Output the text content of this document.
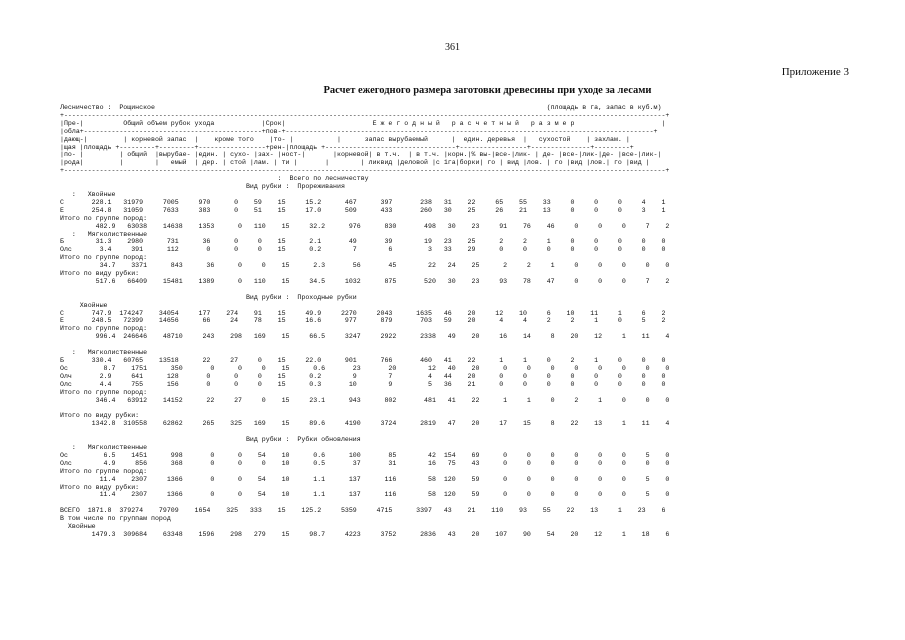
361
Приложение 3
Расчет ежегодного размера заготовки древесины при уходе за лесами
Лесничество :  Рощинское                                                                                                   (площадь в га, запас в куб.м)
+--------------------------------------------------------------------------------------------------------------------------------------------------------+
|Пре-|          Общий объем рубок ухода            |Срок|                      Е ж е г о д н ы й   р а с ч е т н ы й   р а з м е р                      |
|обла+---------------------------------------------+пов-+---------------------------------------------------------------------------------------------+
|дающ-|         | корневой запас  |    кроме того    |то- |           |      запас вырубаемый      |  един. деревья  |   сухостой    | захлам. |
|щая |площадь +---------+---------+-----------------+рен-|площадь +---------------------------------+-----------------+---------------+---------+
|по- |         | общий  |вырубае- |един. | сухо- |зах- |ност-|       |корневой| в т.ч.  | в т.ч. |корн.|% вы-|все-|лик- | де- |все-|лик-|де- |все-|лик-|
|рода|         |        |   емый  | дер. | стой |лам. | ти |       |        | ликвид |деловой |с 1га|борки| го | вид |лов. | го |вид |лов.| го |вид |
+--------------------------------------------------------------------------------------------------------------------------------------------------------+
:  Всего по лесничеству
Вид рубки :  Прореживания
:   Хвойные
С       228.1   31979     7005     970      0    59    15     15.2      467      397       238   31    22     65    55    33     0     0     0     4    1
Е       254.8   31059     7633     383      0    51    15     17.0      509      433       260   30    25     26    21    13     0     0     0     3    1
Итого по группе пород:
482.9   63038    14638    1353      0   110    15     32.2      976      830       498   30    23     91    76    46     0     0     0     7    2
:   Мягколиственные
Б        31.3    2980      731      36      0     0    15      2.1       49       39        19   23    25      2     2     1     0     0     0     0    0
Олс       3.4     391      112       0      0     0    15      0.2        7        6         3   33    29      0     0     0     0     0     0     0    0
Итого по группе пород:
34.7    3371      843      36      0     0    15      2.3       56       45        22   24    25      2     2     1     0     0     0     0    0
Итого по виду рубки:
517.6   66409    15481    1389      0   110    15     34.5     1032      875       520   30    23     93    78    47     0     0     0     7    2

Вид рубки :  Проходные рубки
Хвойные
С       747.9  174247    34054     177    274    91    15     49.9     2270     2043      1635   46    20     12    10     6    10    11     1     6    2
Е       248.5   72399    14656      66     24    78    15     16.6      977      879       703   59    20      4     4     2     2     1     0     5    2
Итого по группе пород:
996.4  246646    48710     243    298   169    15     66.5     3247     2922      2338   49    20     16    14     8    20    12     1    11    4

:   Мягколиственные
Б       330.4   60765    13518      22     27     0    15     22.0      901      766       460   41    22      1     1     0     2     1     0     0    0
Ос         8.7    1751      350       0      0     0    15      0.6       23       20        12   40    20      0     0     0     0     0     0     0    0
Олч       2.9     641      128       0      0     0    15      0.2        9        7         4   44    20      0     0     0     0     0     0     0    0
Олс       4.4     755      156       0      0     0    15      0.3       10        9         5   36    21      0     0     0     0     0     0     0    0
Итого по группе пород:
346.4   63912    14152      22     27     0    15     23.1      943      802       481   41    22      1     1     0     2     1     0     0    0

Итого по виду рубки:
1342.8  310558    62862     265    325   169    15     89.6     4190     3724      2819   47    20     17    15     8    22    13     1    11    4

Вид рубки :  Рубки обновления
:   Мягколиственные
Ос         6.5    1451      998       0      0    54    10      0.6      100       85        42  154    69      0     0     0     0     0     0     5    0
Олс        4.9     856      368       0      0     0    10      0.5       37       31        16   75    43      0     0     0     0     0     0     0    0
Итого по группе пород:
11.4    2307     1366       0      0    54    10      1.1      137      116        58  120    59      0     0     0     0     0     0     5    0
Итого по виду рубки:
11.4    2307     1366       0      0    54    10      1.1      137      116        58  120    59      0     0     0     0     0     0     5    0

ВСЕГО  1871.8  379274    79709    1654    325   333    15    125.2     5359     4715      3397   43    21    110    93    55    22    13     1    23    6
В том числе по группам пород
Хвойные
1479.3  309684    63348    1596    298   279    15     98.7     4223     3752      2836   43    20    107    90    54    20    12     1    18    6
